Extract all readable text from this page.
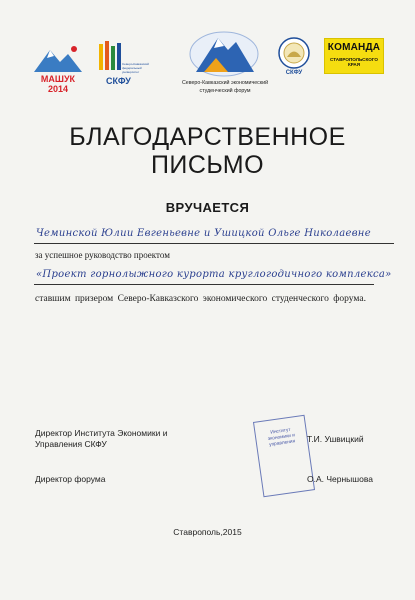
МАШУК 2014
Северо-Кавказский федеральный университет
СКФУ	Северо-Кавказский экономический студенческий форум
СКФУ
КОМАНДА
СТАВРОПОЛЬСКОГО КРАЯ
БЛАГОДАРСТВЕННОЕ
ПИСЬМО
ВРУЧАЕТСЯ
Чеминской Юлии Евгеньевне и Ушицкой Ольге Николаевне
за успешное руководство проектом
«Проект горнолыжного курорта круглогодичного комплекса»
ставшим призером Северо-Кавказского экономического студенческого форума.
Директор Института Экономики и Управления СКФУ
Институт экономики и управления	Т.И. Ушвицкий
Директор форума	О.А. Чернышова
Ставрополь,2015
